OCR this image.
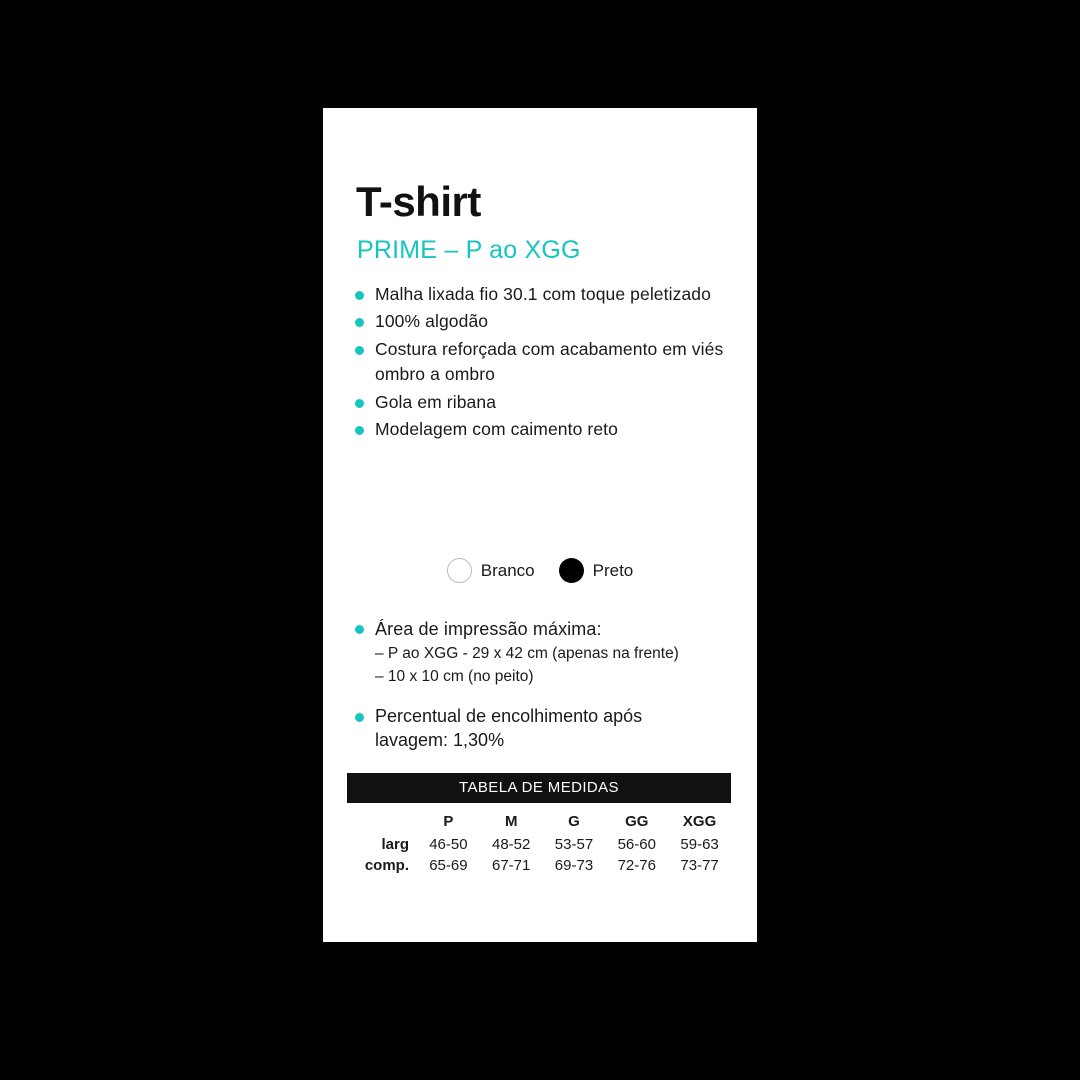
T-shirt
PRIME – P ao XGG
Malha lixada fio 30.1 com toque peletizado
100% algodão
Costura reforçada com acabamento em viés ombro a ombro
Gola em ribana
Modelagem com caimento reto
Branco	Preto
Área de impressão máxima:
– P ao XGG - 29 x 42 cm (apenas na frente)
– 10 x 10 cm (no peito)
Percentual de encolhimento após
lavagem: 1,30%
TABELA DE MEDIDAS
	P	M	G	GG	XGG
larg	46-50	48-52	53-57	56-60	59-63
comp.	65-69	67-71	69-73	72-76	73-77
